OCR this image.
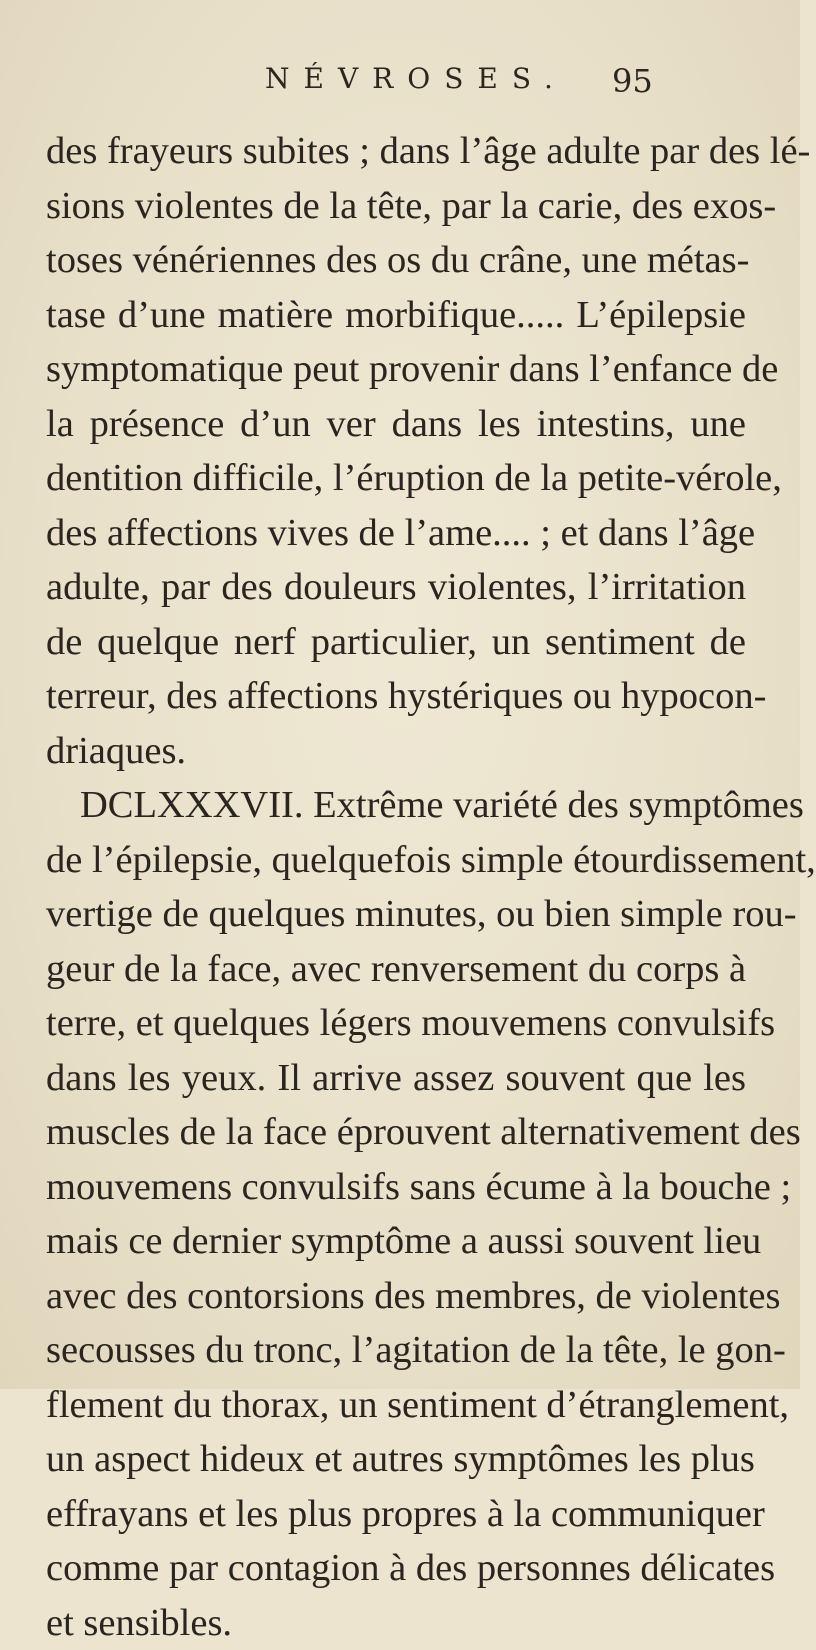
NÉVROSES. 95
des frayeurs subites ; dans l’âge adulte par des lé-
sions violentes de la tête, par la carie, des exos-
toses vénériennes des os du crâne, une métas-
tase d’une matière morbifique..... L’épilepsie
symptomatique peut provenir dans l’enfance de
la présence d’un ver dans les intestins, une
dentition difficile, l’éruption de la petite-vérole,
des affections vives de l’ame.... ; et dans l’âge
adulte, par des douleurs violentes, l’irritation
de quelque nerf particulier, un sentiment de
terreur, des affections hystériques ou hypocon-
driaques.
DCLXXXVII. Extrême variété des symptômes
de l’épilepsie, quelquefois simple étourdissement,
vertige de quelques minutes, ou bien simple rou-
geur de la face, avec renversement du corps à
terre, et quelques légers mouvemens convulsifs
dans les yeux. Il arrive assez souvent que les
muscles de la face éprouvent alternativement des
mouvemens convulsifs sans écume à la bouche ;
mais ce dernier symptôme a aussi souvent lieu
avec des contorsions des membres, de violentes
secousses du tronc, l’agitation de la tête, le gon-
flement du thorax, un sentiment d’étranglement,
un aspect hideux et autres symptômes les plus
effrayans et les plus propres à la communiquer
comme par contagion à des personnes délicates
et sensibles.
